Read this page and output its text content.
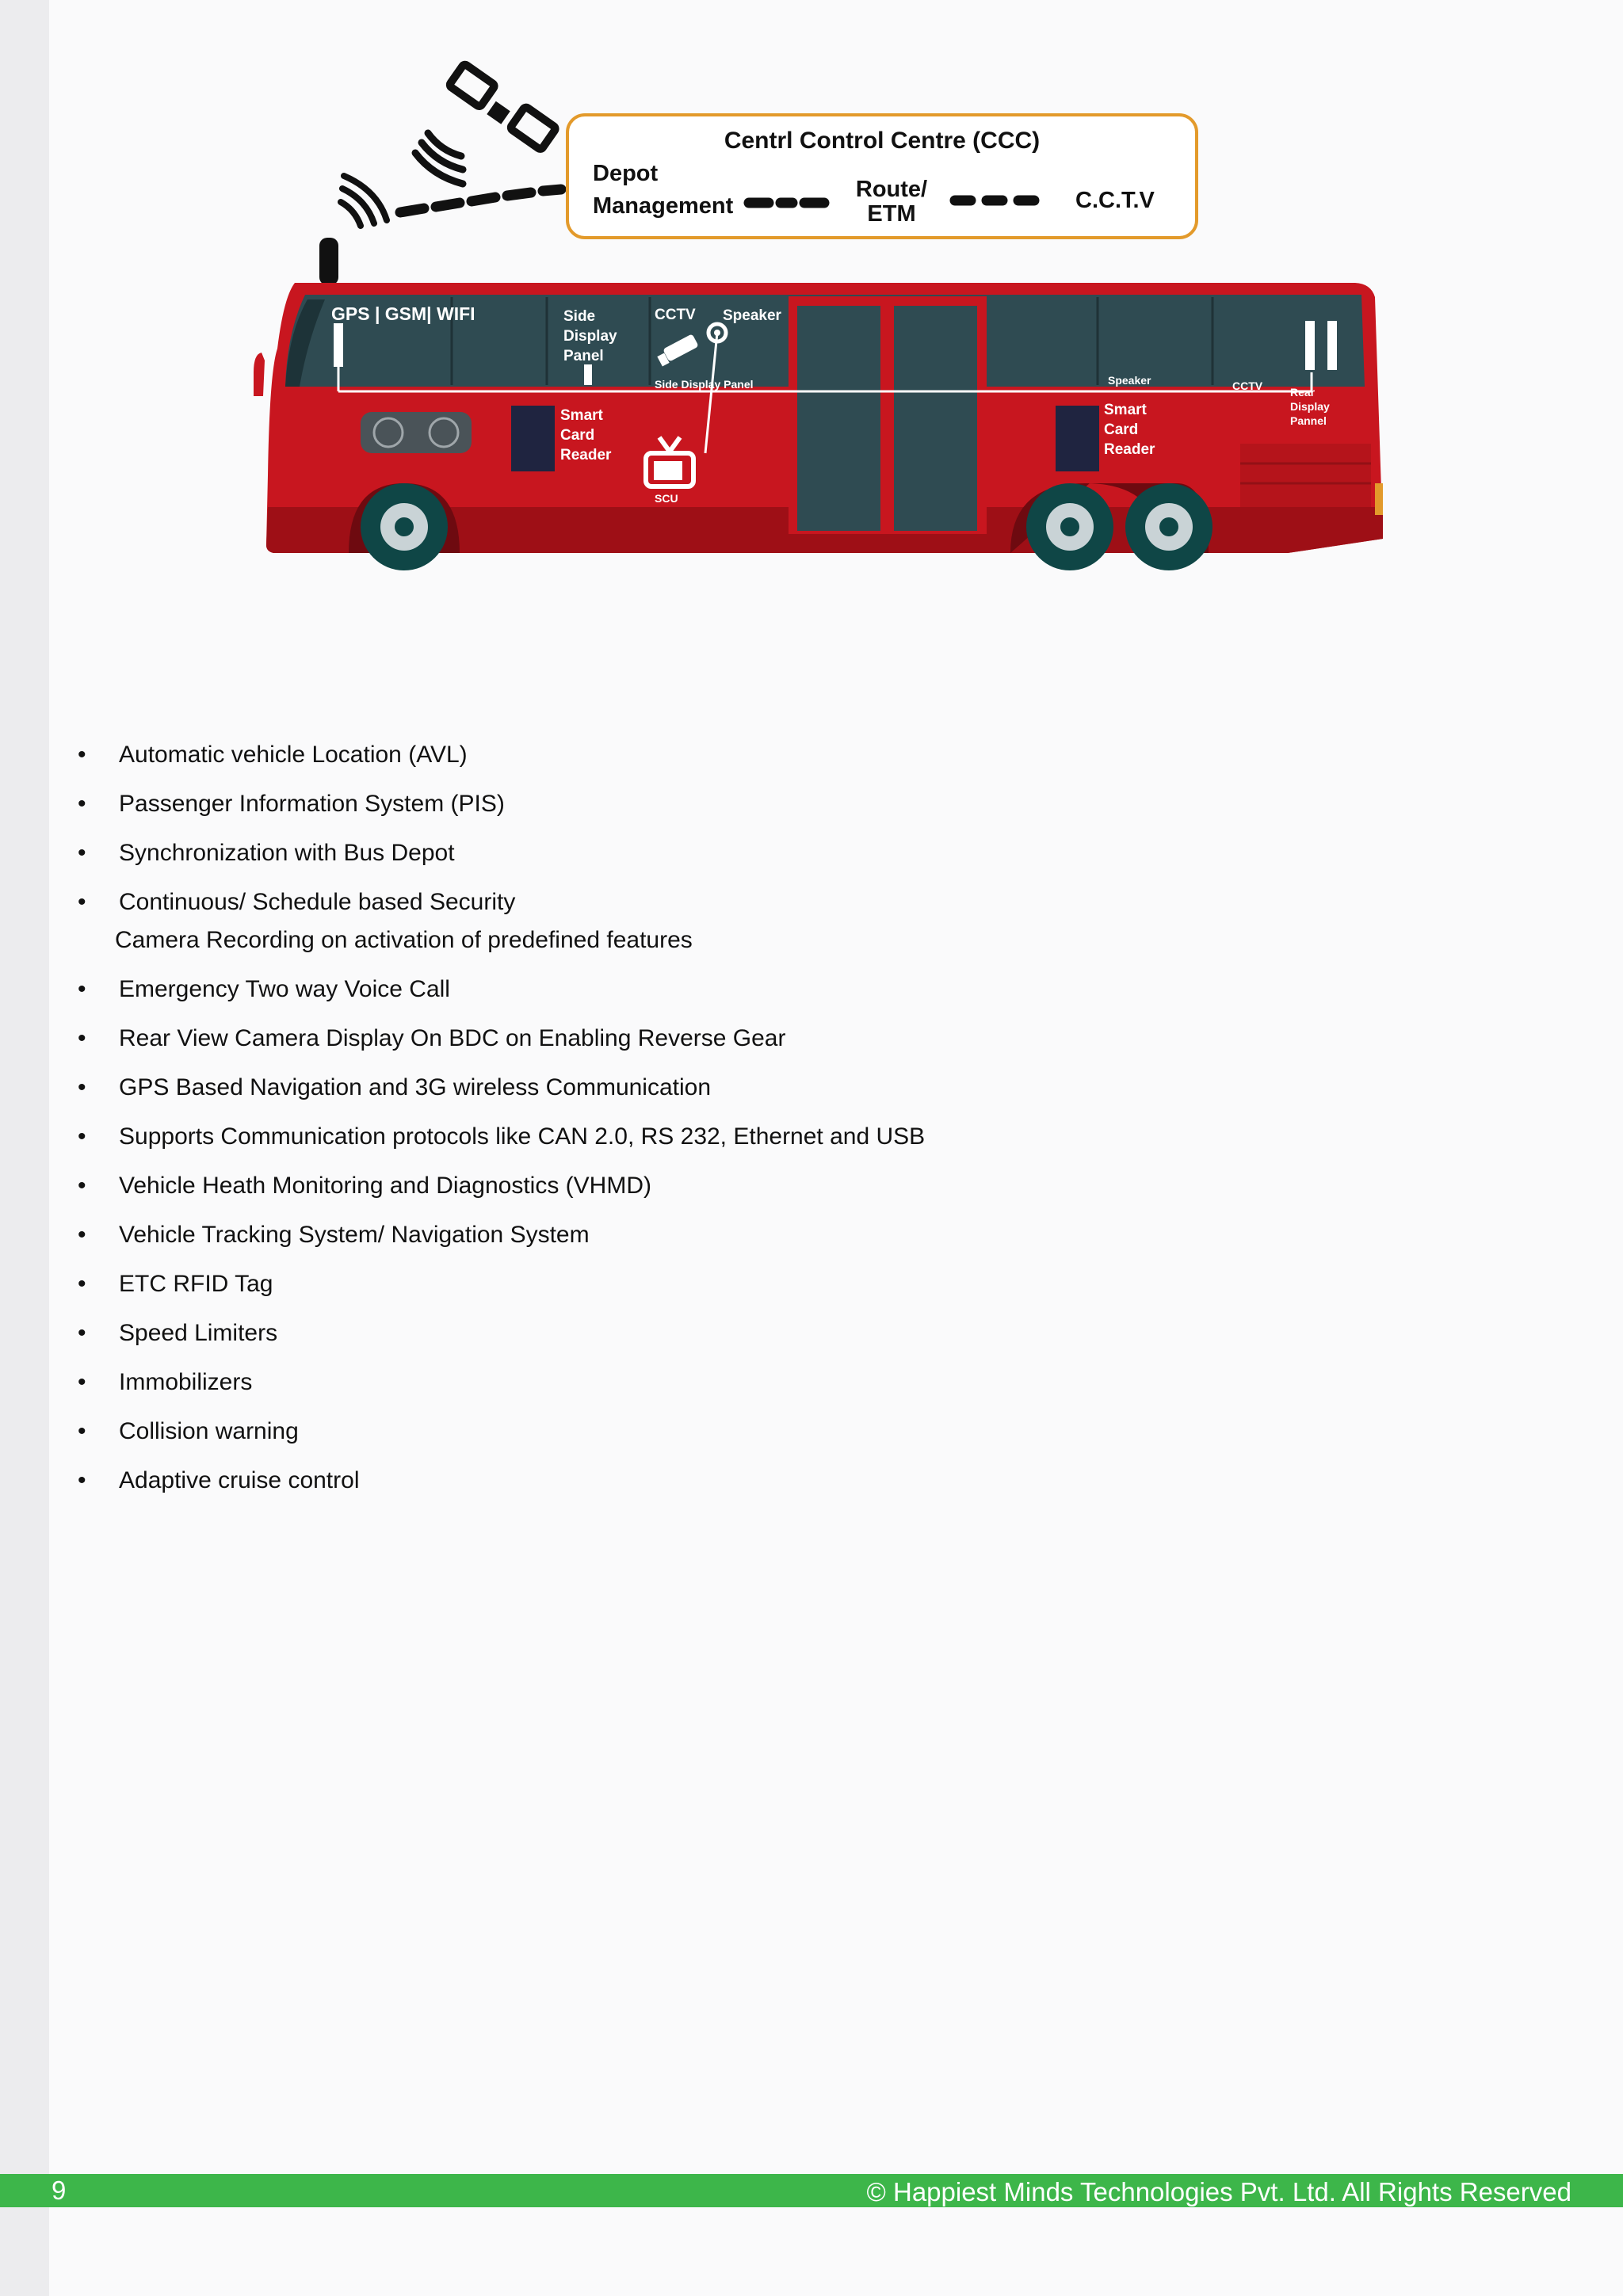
Centrl Control Centre (CCC)
Depot
Management
Route/
ETM
C.C.T.V
GPS | GSM| WIFI	Side
Display
Panel
CCTV Speaker
Side Display Panel
Smart
Card
Reader
SCU
Speaker	CCTV
Smart
Card
Reader
Rear
Display
Pannel
• Automatic vehicle Location (AVL)
• Passenger Information System (PIS)
• Synchronization with Bus Depot
• Continuous/ Schedule based Security
Camera Recording on activation of predefined features
• Emergency Two way Voice Call
• Rear View Camera Display On BDC on Enabling Reverse Gear
• GPS Based Navigation and 3G wireless Communication
• Supports Communication protocols like CAN 2.0, RS 232, Ethernet and USB
• Vehicle Heath Monitoring and Diagnostics (VHMD)
• Vehicle Tracking System/ Navigation System
• ETC RFID Tag
• Speed Limiters
• Immobilizers
• Collision warning
• Adaptive cruise control
9	© Happiest Minds Technologies Pvt. Ltd. All Rights Reserved
